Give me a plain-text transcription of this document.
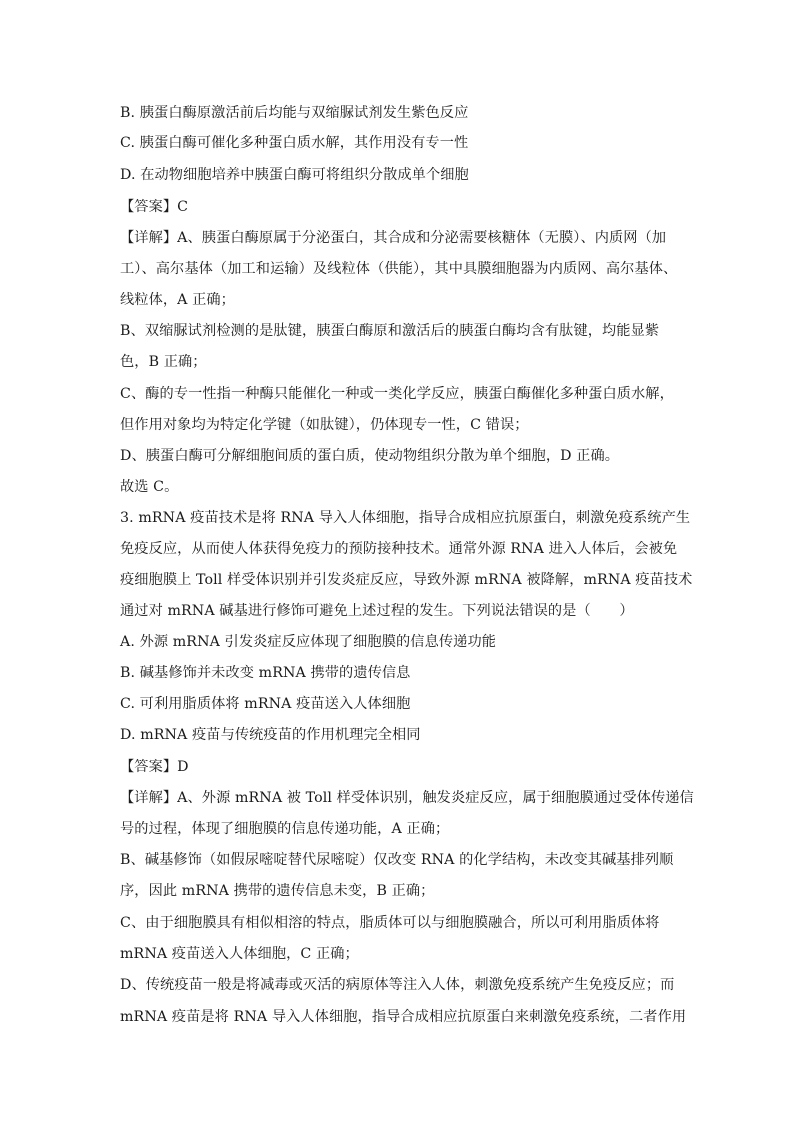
B. 胰蛋白酶原激活前后均能与双缩脲试剂发生紫色反应
C. 胰蛋白酶可催化多种蛋白质水解，其作用没有专一性
D. 在动物细胞培养中胰蛋白酶可将组织分散成单个细胞
【答案】C
【详解】A、胰蛋白酶原属于分泌蛋白，其合成和分泌需要核糖体（无膜）、内质网（加
工）、高尔基体（加工和运输）及线粒体（供能），其中具膜细胞器为内质网、高尔基体、
线粒体，A 正确；
B、双缩脲试剂检测的是肽键，胰蛋白酶原和激活后的胰蛋白酶均含有肽键，均能显紫
色，B 正确；
C、酶的专一性指一种酶只能催化一种或一类化学反应，胰蛋白酶催化多种蛋白质水解，
但作用对象均为特定化学键（如肽键），仍体现专一性，C 错误；
D、胰蛋白酶可分解细胞间质的蛋白质，使动物组织分散为单个细胞，D 正确。
故选 C。
3. mRNA 疫苗技术是将 RNA 导入人体细胞，指导合成相应抗原蛋白，刺激免疫系统产生
免疫反应，从而使人体获得免疫力的预防接种技术。通常外源 RNA 进入人体后，会被免
疫细胞膜上 Toll 样受体识别并引发炎症反应，导致外源 mRNA 被降解，mRNA 疫苗技术
通过对 mRNA 碱基进行修饰可避免上述过程的发生。下列说法错误的是（　　）
A. 外源 mRNA 引发炎症反应体现了细胞膜的信息传递功能
B. 碱基修饰并未改变 mRNA 携带的遗传信息
C. 可利用脂质体将 mRNA 疫苗送入人体细胞
D. mRNA 疫苗与传统疫苗的作用机理完全相同
【答案】D
【详解】A、外源 mRNA 被 Toll 样受体识别，触发炎症反应，属于细胞膜通过受体传递信
号的过程，体现了细胞膜的信息传递功能，A 正确；
B、碱基修饰（如假尿嘧啶替代尿嘧啶）仅改变 RNA 的化学结构，未改变其碱基排列顺
序，因此 mRNA 携带的遗传信息未变，B 正确；
C、由于细胞膜具有相似相溶的特点，脂质体可以与细胞膜融合，所以可利用脂质体将
mRNA 疫苗送入人体细胞，C 正确；
D、传统疫苗一般是将减毒或灭活的病原体等注入人体，刺激免疫系统产生免疫反应；而
mRNA 疫苗是将 RNA 导入人体细胞，指导合成相应抗原蛋白来刺激免疫系统，二者作用
